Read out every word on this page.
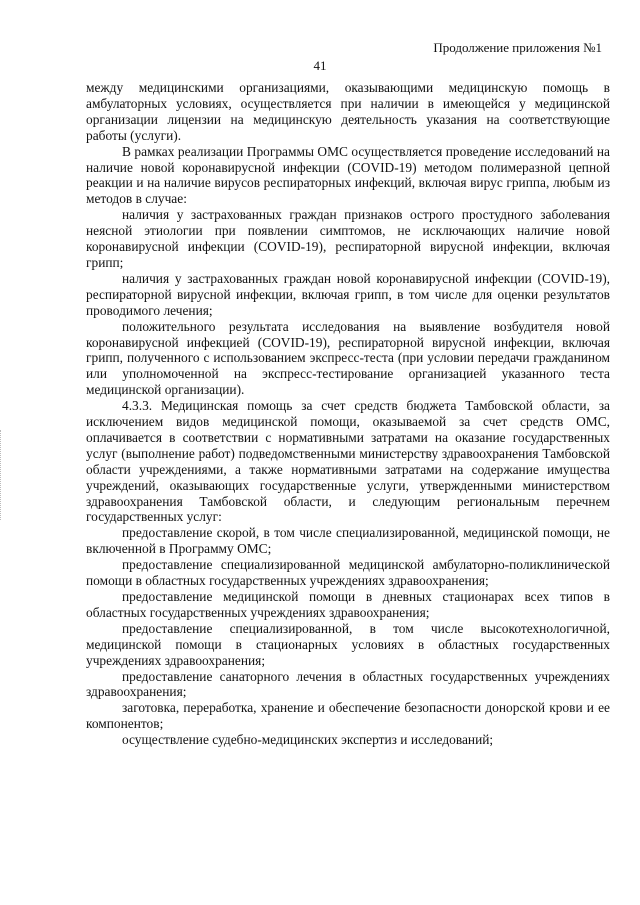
Продолжение приложения №1
41

между медицинскими организациями, оказывающими медицинскую помощь в амбулаторных условиях, осуществляется при наличии в имеющейся у медицинской организации лицензии на медицинскую деятельность указания на соответствующие работы (услуги).

В рамках реализации Программы ОМС осуществляется проведение исследований на наличие новой коронавирусной инфекции (COVID-19) методом полимеразной цепной реакции и на наличие вирусов респираторных инфекций, включая вирус гриппа, любым из методов в случае:

наличия у застрахованных граждан признаков острого простудного заболевания неясной этиологии при появлении симптомов, не исключающих наличие новой коронавирусной инфекции (COVID-19), респираторной вирусной инфекции, включая грипп;

наличия у застрахованных граждан новой коронавирусной инфекции (COVID-19), респираторной вирусной инфекции, включая грипп, в том числе для оценки результатов проводимого лечения;

положительного результата исследования на выявление возбудителя новой коронавирусной инфекцией (COVID-19), респираторной вирусной инфекции, включая грипп, полученного с использованием экспресс-теста (при условии передачи гражданином или уполномоченной на экспресс-тестирование организацией указанного теста медицинской организации).

4.3.3. Медицинская помощь за счет средств бюджета Тамбовской области, за исключением видов медицинской помощи, оказываемой за счет средств ОМС, оплачивается в соответствии с нормативными затратами на оказание государственных услуг (выполнение работ) подведомственными министерству здравоохранения Тамбовской области учреждениями, а также нормативными затратами на содержание имущества учреждений, оказывающих государственные услуги, утвержденными министерством здравоохранения Тамбовской области, и следующим региональным перечнем государственных услуг:

предоставление скорой, в том числе специализированной, медицинской помощи, не включенной в Программу ОМС;

предоставление специализированной медицинской амбулаторно-поликлинической помощи в областных государственных учреждениях здравоохранения;

предоставление медицинской помощи в дневных стационарах всех типов в областных государственных учреждениях здравоохранения;

предоставление специализированной, в том числе высокотехнологичной, медицинской помощи в стационарных условиях в областных государственных учреждениях здравоохранения;

предоставление санаторного лечения в областных государственных учреждениях здравоохранения;

заготовка, переработка, хранение и обеспечение безопасности донорской крови и ее компонентов;

осуществление судебно-медицинских экспертиз и исследований;
